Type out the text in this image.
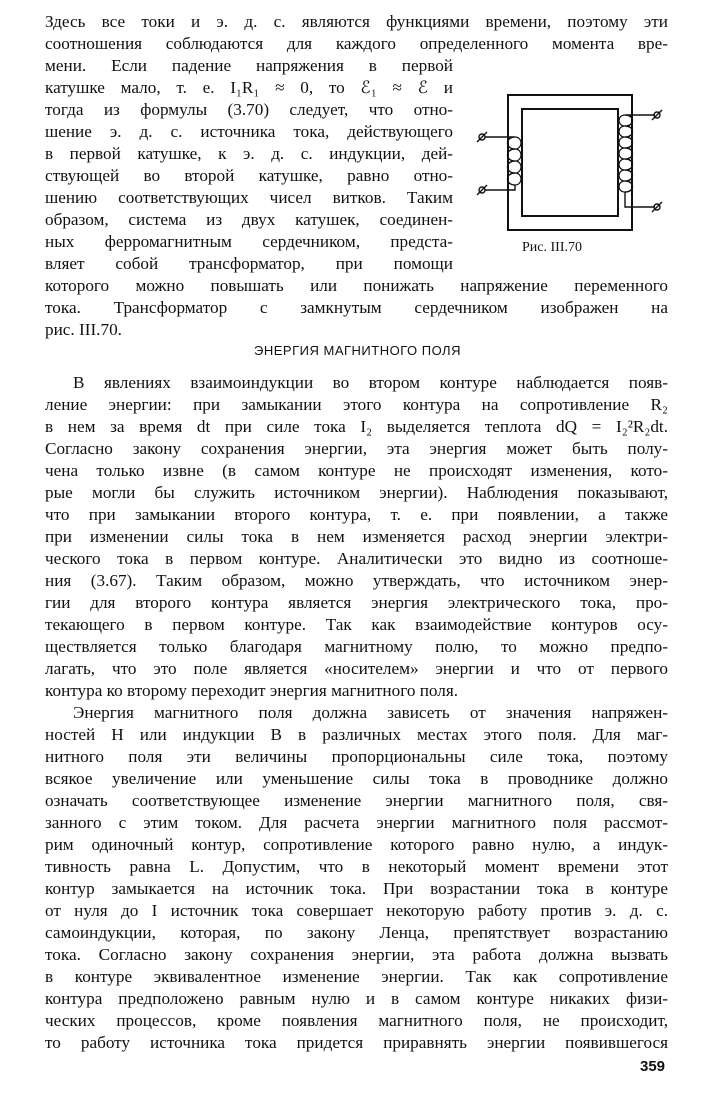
Здесь все токи и э. д. с. являются функциями времени, поэтому эти
соотношения соблюдаются для каждого определенного момента вре-
мени. Если падение напряжения в первой
катушке мало, т. е. I₁R₁ ≈ 0, то ℰ₁ ≈ ℰ и
тогда из формулы (3.70) следует, что отно-
шение э. д. с. источника тока, действующего
в первой катушке, к э. д. с. индукции, дей-
ствующей во второй катушке, равно отно-
шению соответствующих чисел витков. Таким
образом, система из двух катушек, соединен-
ных ферромагнитным сердечником, предста-
вляет собой трансформатор, при помощи
которого можно повышать или понижать напряжение переменного
тока. Трансформатор с замкнутым сердечником изображен на
рис. III.70.
Рис. III.70
ЭНЕРГИЯ МАГНИТНОГО ПОЛЯ
В явлениях взаимоиндукции во втором контуре наблюдается появ-
ление энергии: при замыкании этого контура на сопротивление R₂
в нем за время dt при силе тока I₂ выделяется теплота dQ = I₂²R₂dt.
Согласно закону сохранения энергии, эта энергия может быть полу-
чена только извне (в самом контуре не происходят изменения, кото-
рые могли бы служить источником энергии). Наблюдения показывают,
что при замыкании второго контура, т. е. при появлении, а также
при изменении силы тока в нем изменяется расход энергии электри-
ческого тока в первом контуре. Аналитически это видно из соотноше-
ния (3.67). Таким образом, можно утверждать, что источником энер-
гии для второго контура является энергия электрического тока, про-
текающего в первом контуре. Так как взаимодействие контуров осу-
ществляется только благодаря магнитному полю, то можно предпо-
лагать, что это поле является «носителем» энергии и что от первого
контура ко второму переходит энергия магнитного поля.
Энергия магнитного поля должна зависеть от значения напряжен-
ностей H или индукции B в различных местах этого поля. Для маг-
нитного поля эти величины пропорциональны силе тока, поэтому
всякое увеличение или уменьшение силы тока в проводнике должно
означать соответствующее изменение энергии магнитного поля, свя-
занного с этим током. Для расчета энергии магнитного поля рассмот-
рим одиночный контур, сопротивление которого равно нулю, а индук-
тивность равна L. Допустим, что в некоторый момент времени этот
контур замыкается на источник тока. При возрастании тока в контуре
от нуля до I источник тока совершает некоторую работу против э. д. с.
самоиндукции, которая, по закону Ленца, препятствует возрастанию
тока. Согласно закону сохранения энергии, эта работа должна вызвать
в контуре эквивалентное изменение энергии. Так как сопротивление
контура предположено равным нулю и в самом контуре никаких физи-
ческих процессов, кроме появления магнитного поля, не происходит,
то работу источника тока придется приравнять энергии появившегося
359
